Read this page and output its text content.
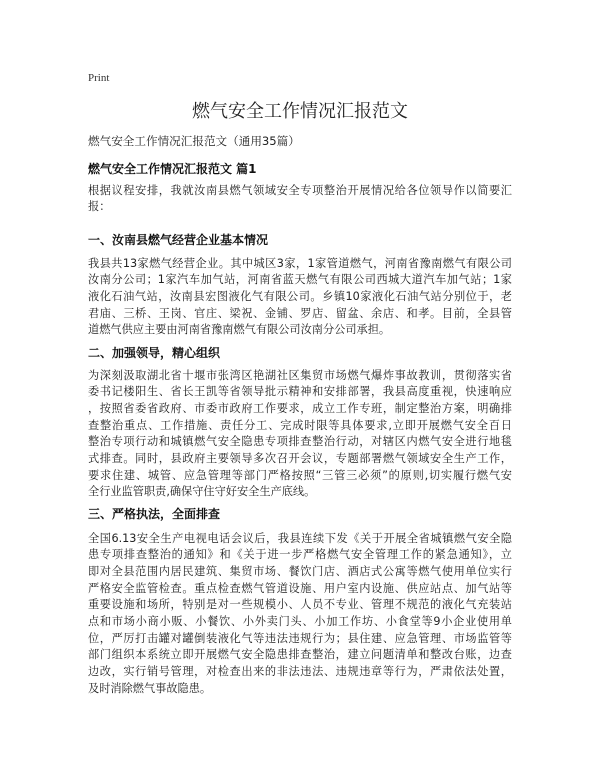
Print
燃气安全工作情况汇报范文
燃气安全工作情况汇报范文（通用35篇）
燃气安全工作情况汇报范文 篇1
根据议程安排，我就汝南县燃气领域安全专项整治开展情况给各位领导作以简要汇
报：
一、汝南县燃气经营企业基本情况
我县共13家燃气经营企业。其中城区3家，1家管道燃气，河南省豫南燃气有限公司
汝南分公司；1家汽车加气站，河南省蓝天燃气有限公司西城大道汽车加气站；1家
液化石油气站，汝南县宏图液化气有限公司。乡镇10家液化石油气站分别位于，老
君庙、三桥、王岗、官庄、梁祝、金铺、罗店、留盆、余店、和孝。目前，全县管
道燃气供应主要由河南省豫南燃气有限公司汝南分公司承担。
二、加强领导，精心组织
为深刻汲取湖北省十堰市张湾区艳湖社区集贸市场燃气爆炸事故教训，贯彻落实省
委书记楼阳生、省长王凯等省领导批示精神和安排部署，我县高度重视，快速响应
，按照省委省政府、市委市政府工作要求，成立工作专班，制定整治方案，明确排
查整治重点、工作措施、责任分工、完成时限等具体要求,立即开展燃气安全百日
整治专项行动和城镇燃气安全隐患专项排查整治行动，对辖区内燃气安全进行地毯
式排查。同时，县政府主要领导多次召开会议，专题部署燃气领域安全生产工作，
要求住建、城管、应急管理等部门严格按照“三管三必须”的原则,切实履行燃气安
全行业监管职责,确保守住守好安全生产底线。
三、严格执法，全面排查
全国6.13安全生产电视电话会议后，我县连续下发《关于开展全省城镇燃气安全隐
患专项排查整治的通知》和《关于进一步严格燃气安全管理工作的紧急通知》，立
即对全县范围内居民建筑、集贸市场、餐饮门店、酒店式公寓等燃气使用单位实行
严格安全监管检查。重点检查燃气管道设施、用户室内设施、供应站点、加气站等
重要设施和场所，特别是对一些规模小、人员不专业、管理不规范的液化气充装站
点和市场小商小贩、小餐饮、小外卖门头、小加工作坊、小食堂等9小企业使用单
位，严厉打击罐对罐倒装液化气等违法违规行为；县住建、应急管理、市场监管等
部门组织本系统立即开展燃气安全隐患排查整治，建立问题清单和整改台账，边查
边改，实行销号管理，对检查出来的非法违法、违规违章等行为，严肃依法处置，
及时消除燃气事故隐患。
